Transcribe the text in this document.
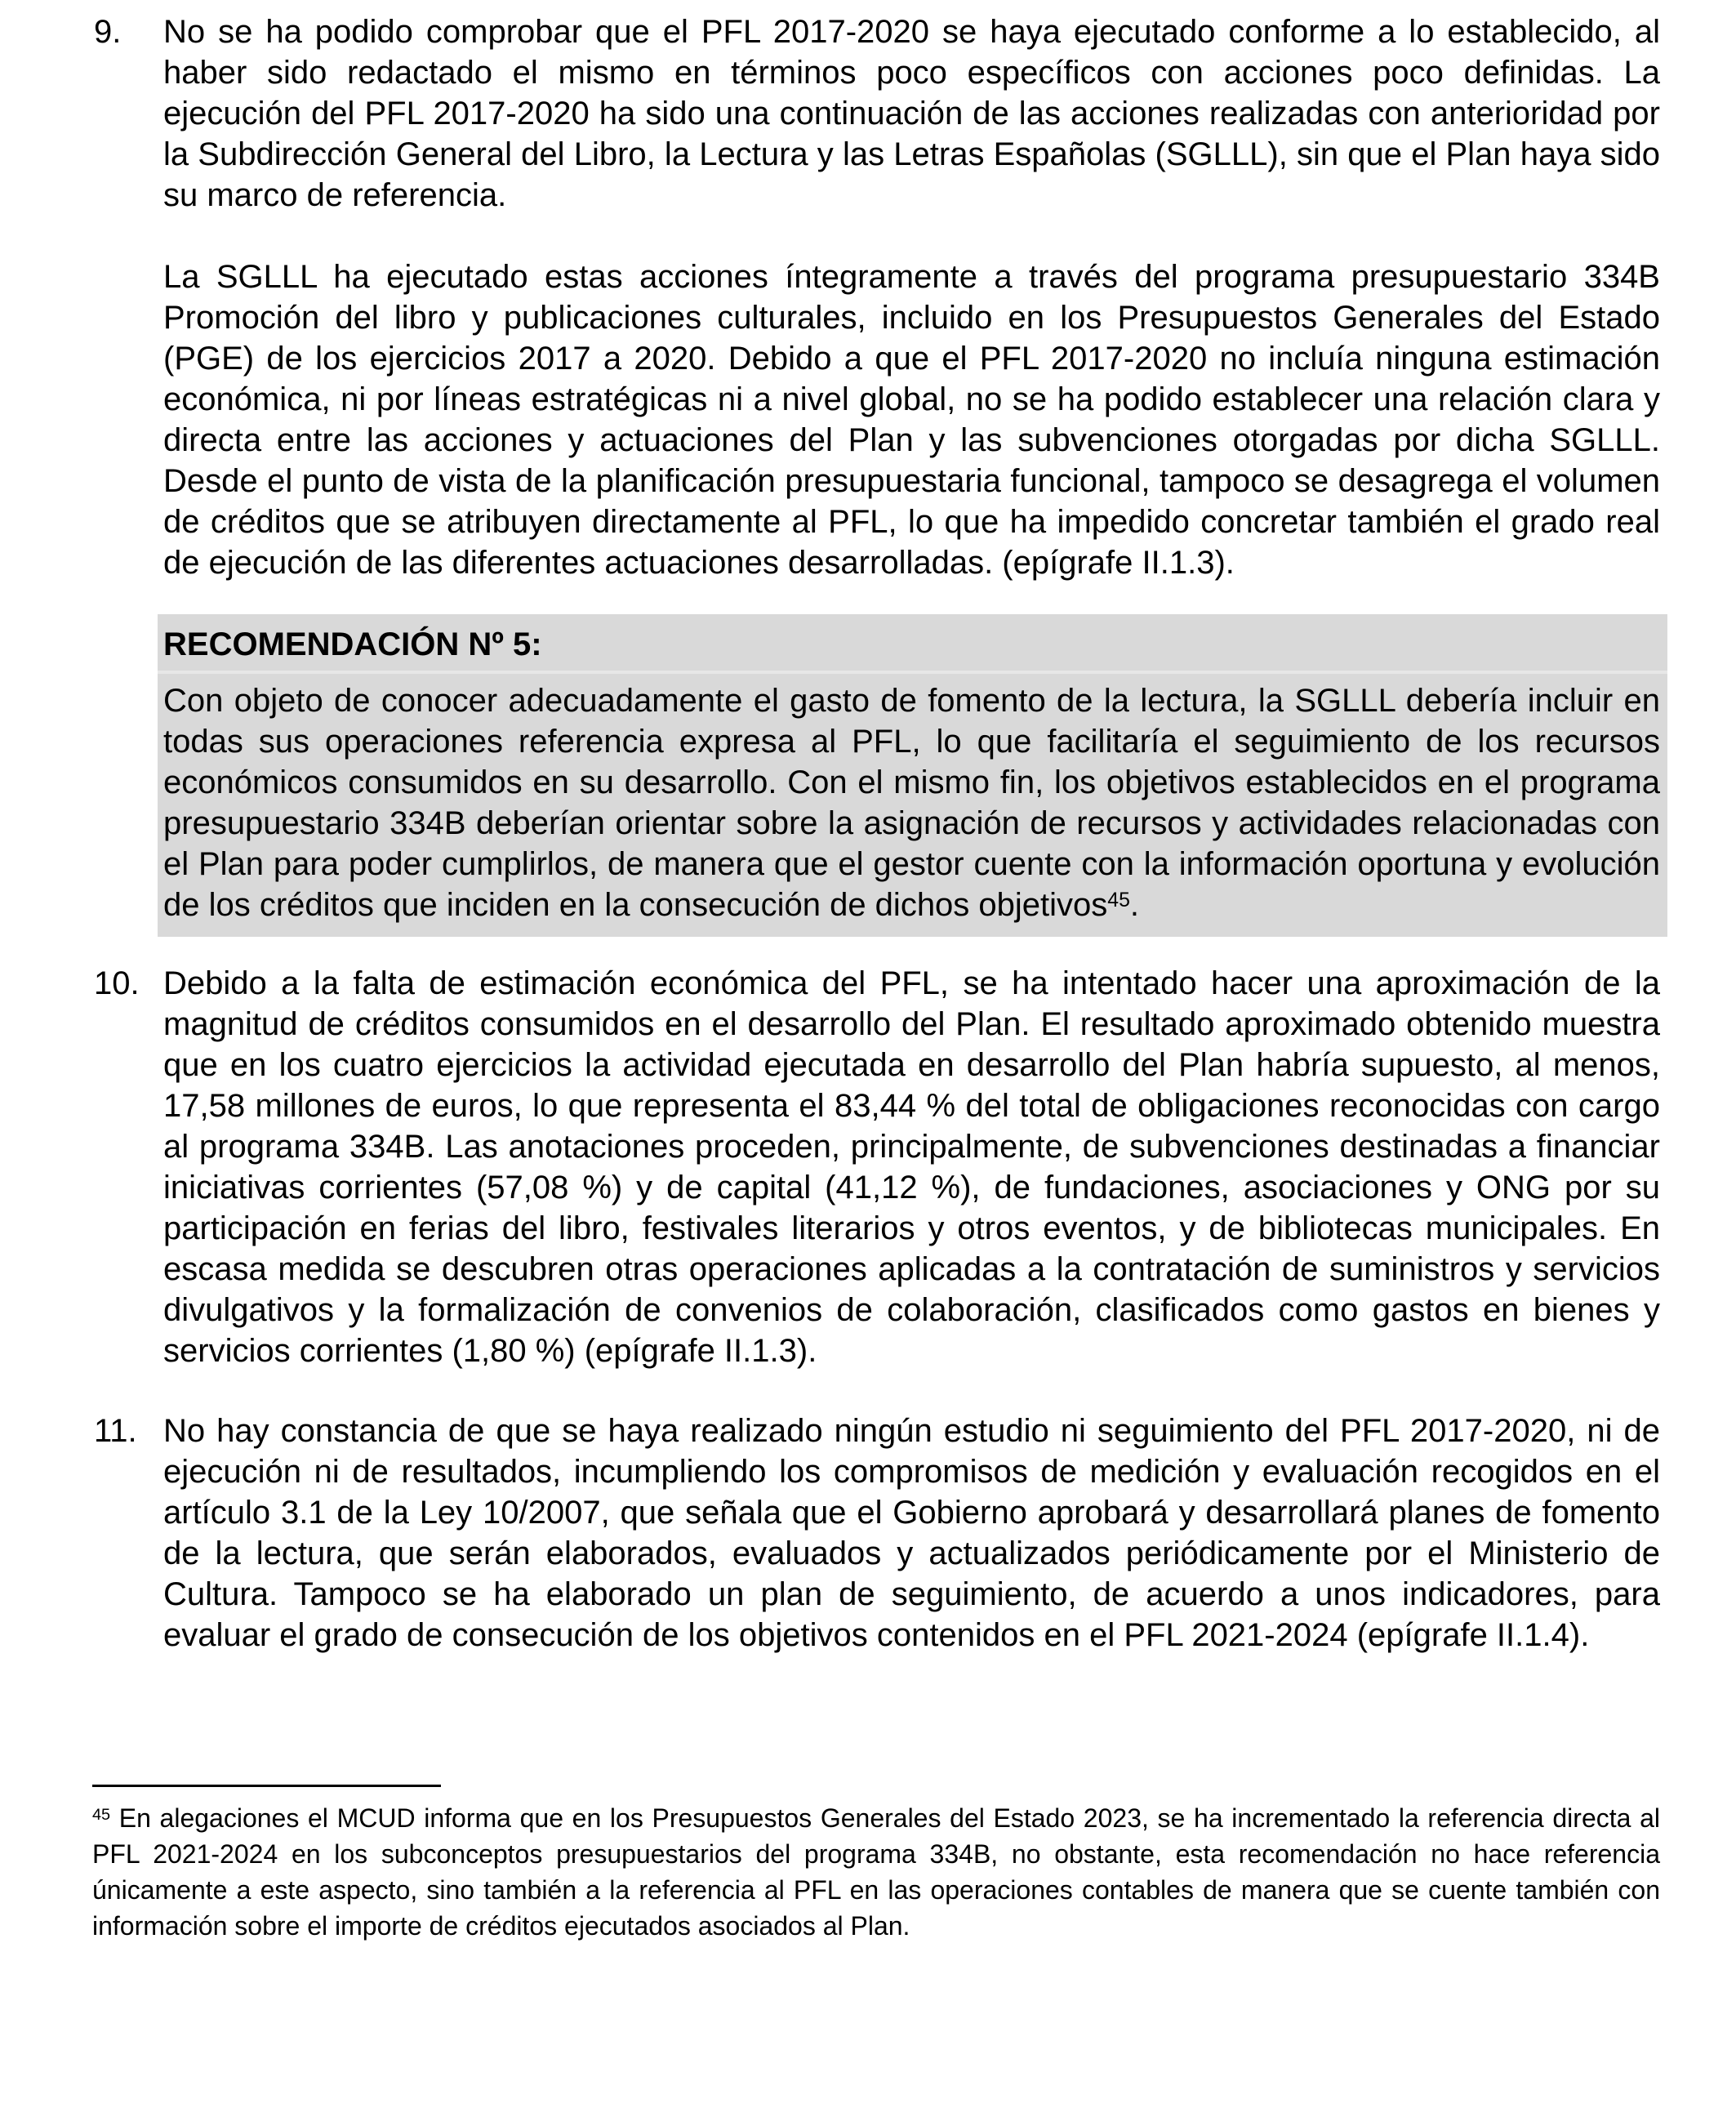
9. No se ha podido comprobar que el PFL 2017-2020 se haya ejecutado conforme a lo establecido, al haber sido redactado el mismo en términos poco específicos con acciones poco definidas. La ejecución del PFL 2017-2020 ha sido una continuación de las acciones realizadas con anterioridad por la Subdirección General del Libro, la Lectura y las Letras Españolas (SGLLL), sin que el Plan haya sido su marco de referencia.
La SGLLL ha ejecutado estas acciones íntegramente a través del programa presupuestario 334B Promoción del libro y publicaciones culturales, incluido en los Presupuestos Generales del Estado (PGE) de los ejercicios 2017 a 2020. Debido a que el PFL 2017-2020 no incluía ninguna estimación económica, ni por líneas estratégicas ni a nivel global, no se ha podido establecer una relación clara y directa entre las acciones y actuaciones del Plan y las subvenciones otorgadas por dicha SGLLL. Desde el punto de vista de la planificación presupuestaria funcional, tampoco se desagrega el volumen de créditos que se atribuyen directamente al PFL, lo que ha impedido concretar también el grado real de ejecución de las diferentes actuaciones desarrolladas. (epígrafe II.1.3).
RECOMENDACIÓN Nº 5:
Con objeto de conocer adecuadamente el gasto de fomento de la lectura, la SGLLL debería incluir en todas sus operaciones referencia expresa al PFL, lo que facilitaría el seguimiento de los recursos económicos consumidos en su desarrollo. Con el mismo fin, los objetivos establecidos en el programa presupuestario 334B deberían orientar sobre la asignación de recursos y actividades relacionadas con el Plan para poder cumplirlos, de manera que el gestor cuente con la información oportuna y evolución de los créditos que inciden en la consecución de dichos objetivos$^{45}$.
10. Debido a la falta de estimación económica del PFL, se ha intentado hacer una aproximación de la magnitud de créditos consumidos en el desarrollo del Plan. El resultado aproximado obtenido muestra que en los cuatro ejercicios la actividad ejecutada en desarrollo del Plan habría supuesto, al menos, 17,58 millones de euros, lo que representa el 83,44 % del total de obligaciones reconocidas con cargo al programa 334B. Las anotaciones proceden, principalmente, de subvenciones destinadas a financiar iniciativas corrientes (57,08 %) y de capital (41,12 %), de fundaciones, asociaciones y ONG por su participación en ferias del libro, festivales literarios y otros eventos, y de bibliotecas municipales. En escasa medida se descubren otras operaciones aplicadas a la contratación de suministros y servicios divulgativos y la formalización de convenios de colaboración, clasificados como gastos en bienes y servicios corrientes (1,80 %) (epígrafe II.1.3).
11. No hay constancia de que se haya realizado ningún estudio ni seguimiento del PFL 2017-2020, ni de ejecución ni de resultados, incumpliendo los compromisos de medición y evaluación recogidos en el artículo 3.1 de la Ley 10/2007, que señala que el Gobierno aprobará y desarrollará planes de fomento de la lectura, que serán elaborados, evaluados y actualizados periódicamente por el Ministerio de Cultura. Tampoco se ha elaborado un plan de seguimiento, de acuerdo a unos indicadores, para evaluar el grado de consecución de los objetivos contenidos en el PFL 2021-2024 (epígrafe II.1.4).
$^{45}$ En alegaciones el MCUD informa que en los Presupuestos Generales del Estado 2023, se ha incrementado la referencia directa al PFL 2021-2024 en los subconceptos presupuestarios del programa 334B, no obstante, esta recomendación no hace referencia únicamente a este aspecto, sino también a la referencia al PFL en las operaciones contables de manera que se cuente también con información sobre el importe de créditos ejecutados asociados al Plan.
